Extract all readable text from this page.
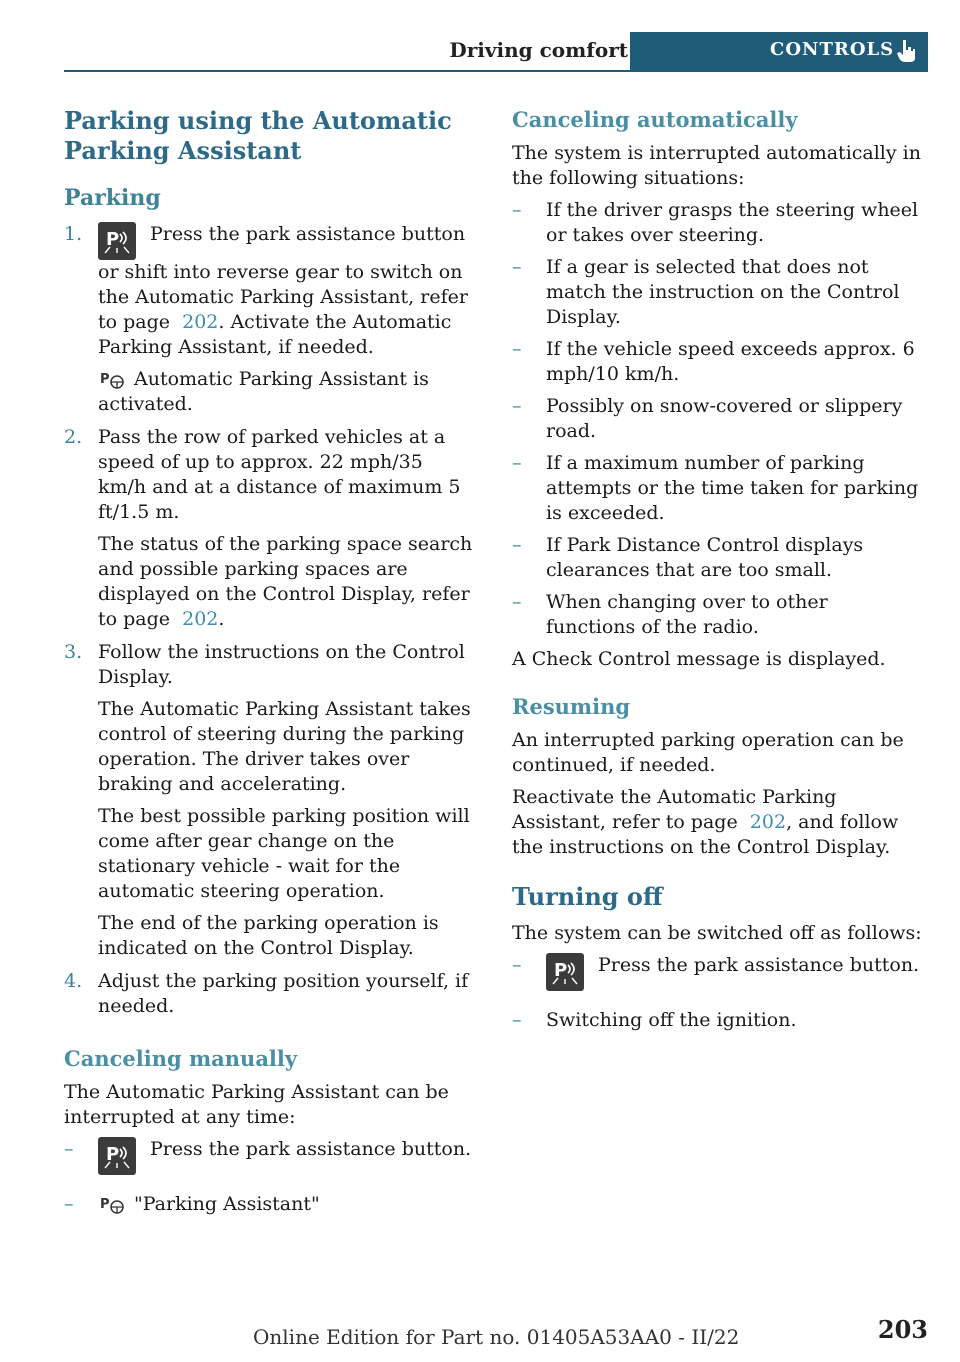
Driving comfort	CONTROLS
Parking using the Automatic Parking Assistant
Parking
1. P Press the park assistance button or shift into reverse gear to switch on the Automatic Parking Assistant, refer to page 202. Activate the Automatic Parking Assistant, if needed.

P Automatic Parking Assistant is activated.

2. Pass the row of parked vehicles at a speed of up to approx. 22 mph/35 km/h and at a distance of maximum 5 ft/1.5 m.

The status of the parking space search and possible parking spaces are displayed on the Control Display, refer to page 202.

3. Follow the instructions on the Control Display.

The Automatic Parking Assistant takes control of steering during the parking operation. The driver takes over braking and accelerating.

The best possible parking position will come after gear change on the stationary vehicle - wait for the automatic steering operation.

The end of the parking operation is indicated on the Control Display.

4. Adjust the parking position yourself, if needed.

Canceling manually

The Automatic Parking Assistant can be interrupted at any time:

– P Press the park assistance button.

– P "Parking Assistant"

Canceling automatically

The system is interrupted automatically in the following situations:

– If the driver grasps the steering wheel or takes over steering.

– If a gear is selected that does not match the instruction on the Control Display.

– If the vehicle speed exceeds approx. 6 mph/10 km/h.

– Possibly on snow-covered or slippery road.

– If a maximum number of parking attempts or the time taken for parking is exceeded.

– If Park Distance Control displays clearances that are too small.

– When changing over to other functions of the radio.

A Check Control message is displayed.

Resuming

An interrupted parking operation can be continued, if needed.

Reactivate the Automatic Parking Assistant, refer to page 202, and follow the instructions on the Control Display.

Turning off

The system can be switched off as follows:

– P Press the park assistance button.

– Switching off the ignition.

Online Edition for Part no. 01405A53AA0 - II/22	203
